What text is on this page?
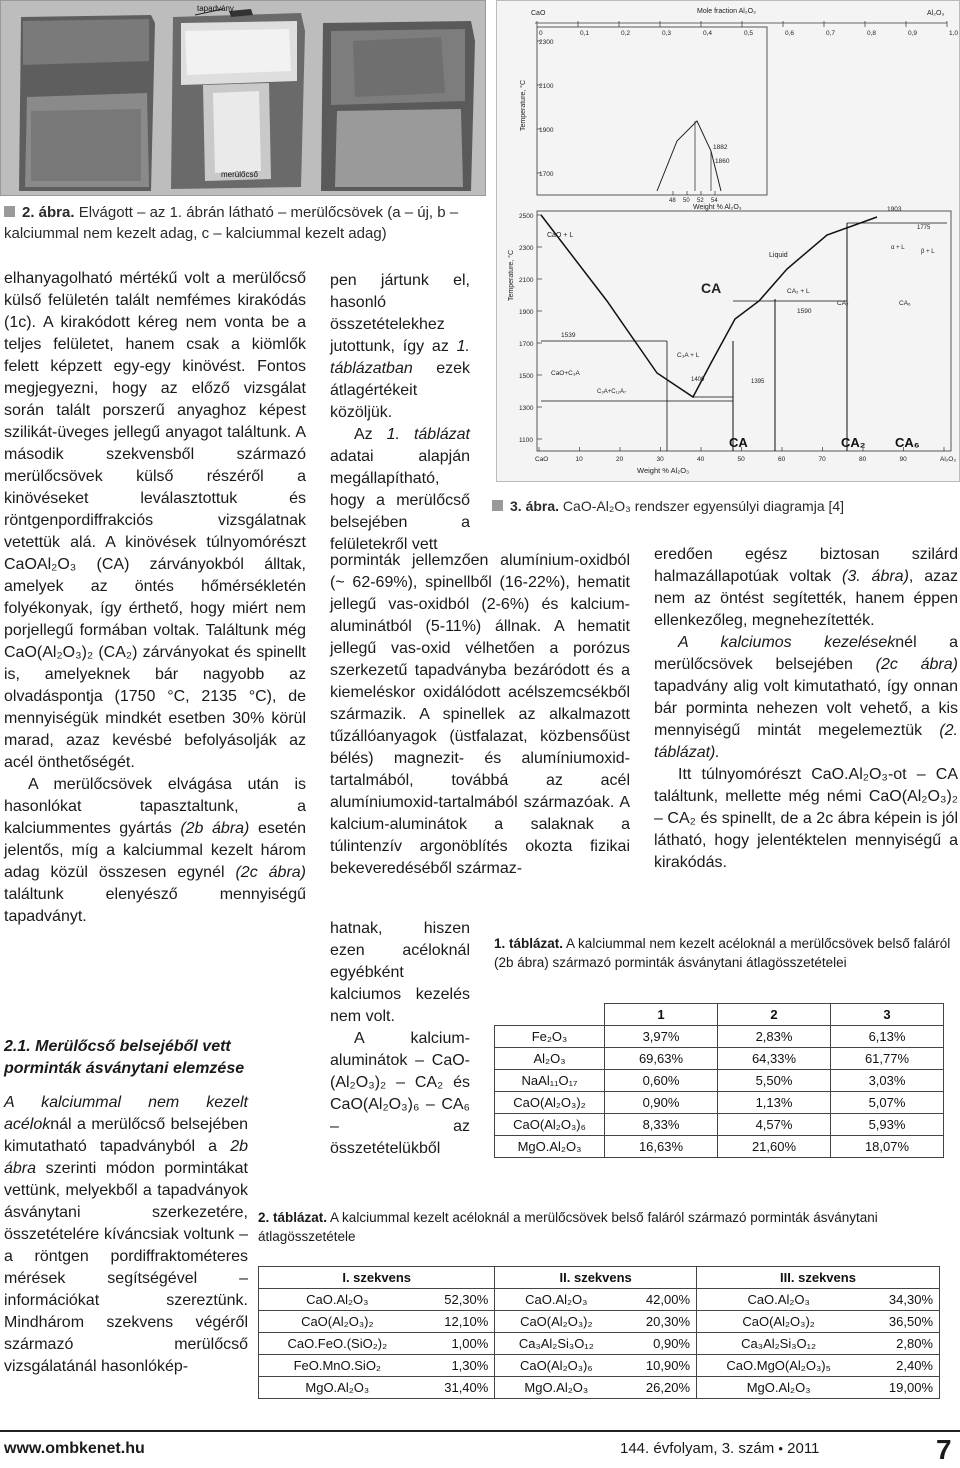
tapadvány
merülőcső
2. ábra. Elvágott – az 1. ábrán látható – merülőcsövek (a – új, b – kalciummal nem kezelt adag, c – kalciummal kezelt adag)
CaO	Mole fraction Al₂O₃	Al₂O₃
0	0,1	0,2	0,3	0,4	0,5	0,6	0,7	0,8	0,9	1,0
Temperature, °C
2300
2100
1900
1700
1882
1860
48 50 52 54
Weight % Al₂O₃
Temperature, °C
2500
2300
2100
1900
1700
1500
1300
1100
CaO	10	20	30	40	50	60	70	80	90	Al₂O₃
Weight % Al₂O₃
CaO + L
Liquid
CA	CA₂ + L
1590
1539
1400	1395
C₃A + L
CaO+C₃A
C₃A+C₁₂A₇
1903
1775
CA₂	CA₆
α + L
β + L
CA	CA₂ CA₆
3. ábra. CaO-Al₂O₃ rendszer egyensúlyi diagramja [4]

elhanyagolható mértékű volt a merülőcső külső felületén talált nemfémes kirakódás (1c). A kirakódott kéreg nem vonta be a teljes felületet, hanem csak a kiömlők felett képzett egy-egy kinövést. Fontos megjegyezni, hogy az előző vizsgálat során talált porszerű anyaghoz képest szilikát-üveges jellegű anyagot találtunk. A második szekvensből származó merülőcsövek külső részéről a kinövéseket leválasztottuk és röntgenpordiffrakciós vizsgálatnak vetettük alá. A kinövések túlnyomórészt CaOAl₂O₃ (CA) zárványokból álltak, amelyek az öntés hőmérsékletén folyékonyak, így érthető, hogy miért nem porjellegű formában voltak. Találtunk még CaO(Al₂O₃)₂ (CA₂) zárványokat és spinellt is, amelyeknek bár nagyobb az olvadáspontja (1750 °C, 2135 °C), de mennyiségük mindkét esetben 30% körül marad, azaz kevésbé befolyásolják az acél önthetőségét.

A merülőcsövek elvágása után is hasonlókat tapasztaltunk, a kalciummentes gyártás (2b ábra) esetén jelentős, míg a kalciummal kezelt három adag közül összesen egynél (2c ábra) találtunk elenyésző mennyiségű tapadványt.

2.1. Merülőcső belsejéből vett porminták ásványtani elemzése

A kalciummal nem kezelt acéloknál a merülőcső belsejében kimutatható tapadványból a 2b ábra szerinti módon pormintákat vettünk, melyekből a tapadványok ásványtani szerkezetére, összetételére kíváncsiak voltunk – a röntgen pordiffraktométeres mérések segítségével – információkat szereztünk. Mindhárom szekvens végéről származó merülőcső vizsgálatánál hasonlókép-

pen jártunk el, hasonló összetételekhez jutottunk, így az 1. táblázatban ezek átlagértékeit közöljük.

Az 1. táblázat adatai alapján megállapítható, hogy a merülőcső belsejében a felületekről vett

porminták jellemzően alumínium-oxidból (~ 62-69%), spinellből (16-22%), hematit jellegű vas-oxidból (2-6%) és kalcium-aluminátból (5-11%) állnak. A hematit jellegű vas-oxid vélhetően a porózus szerkezetű tapadványba bezáródott és a kiemeléskor oxidálódott acélszemcsékből származik. A spinellek az alkalmazott tűzállóanyagok (üstfalazat, közbensőüst bélés) magnezit- és alumíniumoxid-tartalmából, továbbá az acél alumíniumoxid-tartalmából származóak. A kalcium-aluminátok a salaknak a túlintenzív argonöblítés okozta fizikai bekeveredéséből származ-

hatnak, hiszen ezen acéloknál egyébként kalciumos kezelés nem volt.

A kalcium-aluminátok – CaO-(Al₂O₃)₂ – CA₂ és CaO(Al₂O₃)₆ – CA₆ – az összetételükből

eredően egész biztosan szilárd halmazállapotúak voltak (3. ábra), azaz nem az öntést segítették, hanem éppen ellenkezőleg, megnehezítették.

A kalciumos kezeléseknél a merülőcsövek belsejében (2c ábra) tapadvány alig volt kimutatható, így onnan bár porminta nehezen volt vehető, a kis mennyiségű mintát megelemeztük (2. táblázat).

Itt túlnyomórészt CaO.Al₂O₃-ot – CA találtunk, mellette még némi CaO(Al₂O₃)₂ – CA₂ és spinellt, de a 2c ábra képein is jól látható, hogy jelentéktelen mennyiségű a kirakódás.

1. táblázat. A kalciummal nem kezelt acéloknál a merülőcsövek belső faláról (2b ábra) származó porminták ásványtani átlagösszetételei
	1	2	3
Fe₂O₃	3,97%	2,83%	6,13%
Al₂O₃	69,63%	64,33%	61,77%
NaAl₁₁O₁₇	0,60%	5,50%	3,03%
CaO(Al₂O₃)₂	0,90%	1,13%	5,07%
CaO(Al₂O₃)₆	8,33%	4,57%	5,93%
MgO.Al₂O₃	16,63%	21,60%	18,07%
2. táblázat. A kalciummal kezelt acéloknál a merülőcsövek belső faláról származó porminták ásványtani átlagösszetétele
I. szekvens		II. szekvens		III. szekvens	
CaO.Al₂O₃	52,30%	CaO.Al₂O₃	42,00%	CaO.Al₂O₃	34,30%
CaO(Al₂O₃)₂	12,10%	CaO(Al₂O₃)₂	20,30%	CaO(Al₂O₃)₂	36,50%
CaO.FeO.(SiO₂)₂	1,00%	Ca₃Al₂Si₃O₁₂	0,90%	Ca₃Al₂Si₃O₁₂	2,80%
FeO.MnO.SiO₂	1,30%	CaO(Al₂O₃)₆	10,90%	CaO.MgO(Al₂O₃)₅	2,40%
MgO.Al₂O₃	31,40%	MgO.Al₂O₃	26,20%	MgO.Al₂O₃	19,00%
www.ombkenet.hu	144. évfolyam, 3. szám • 2011	7
